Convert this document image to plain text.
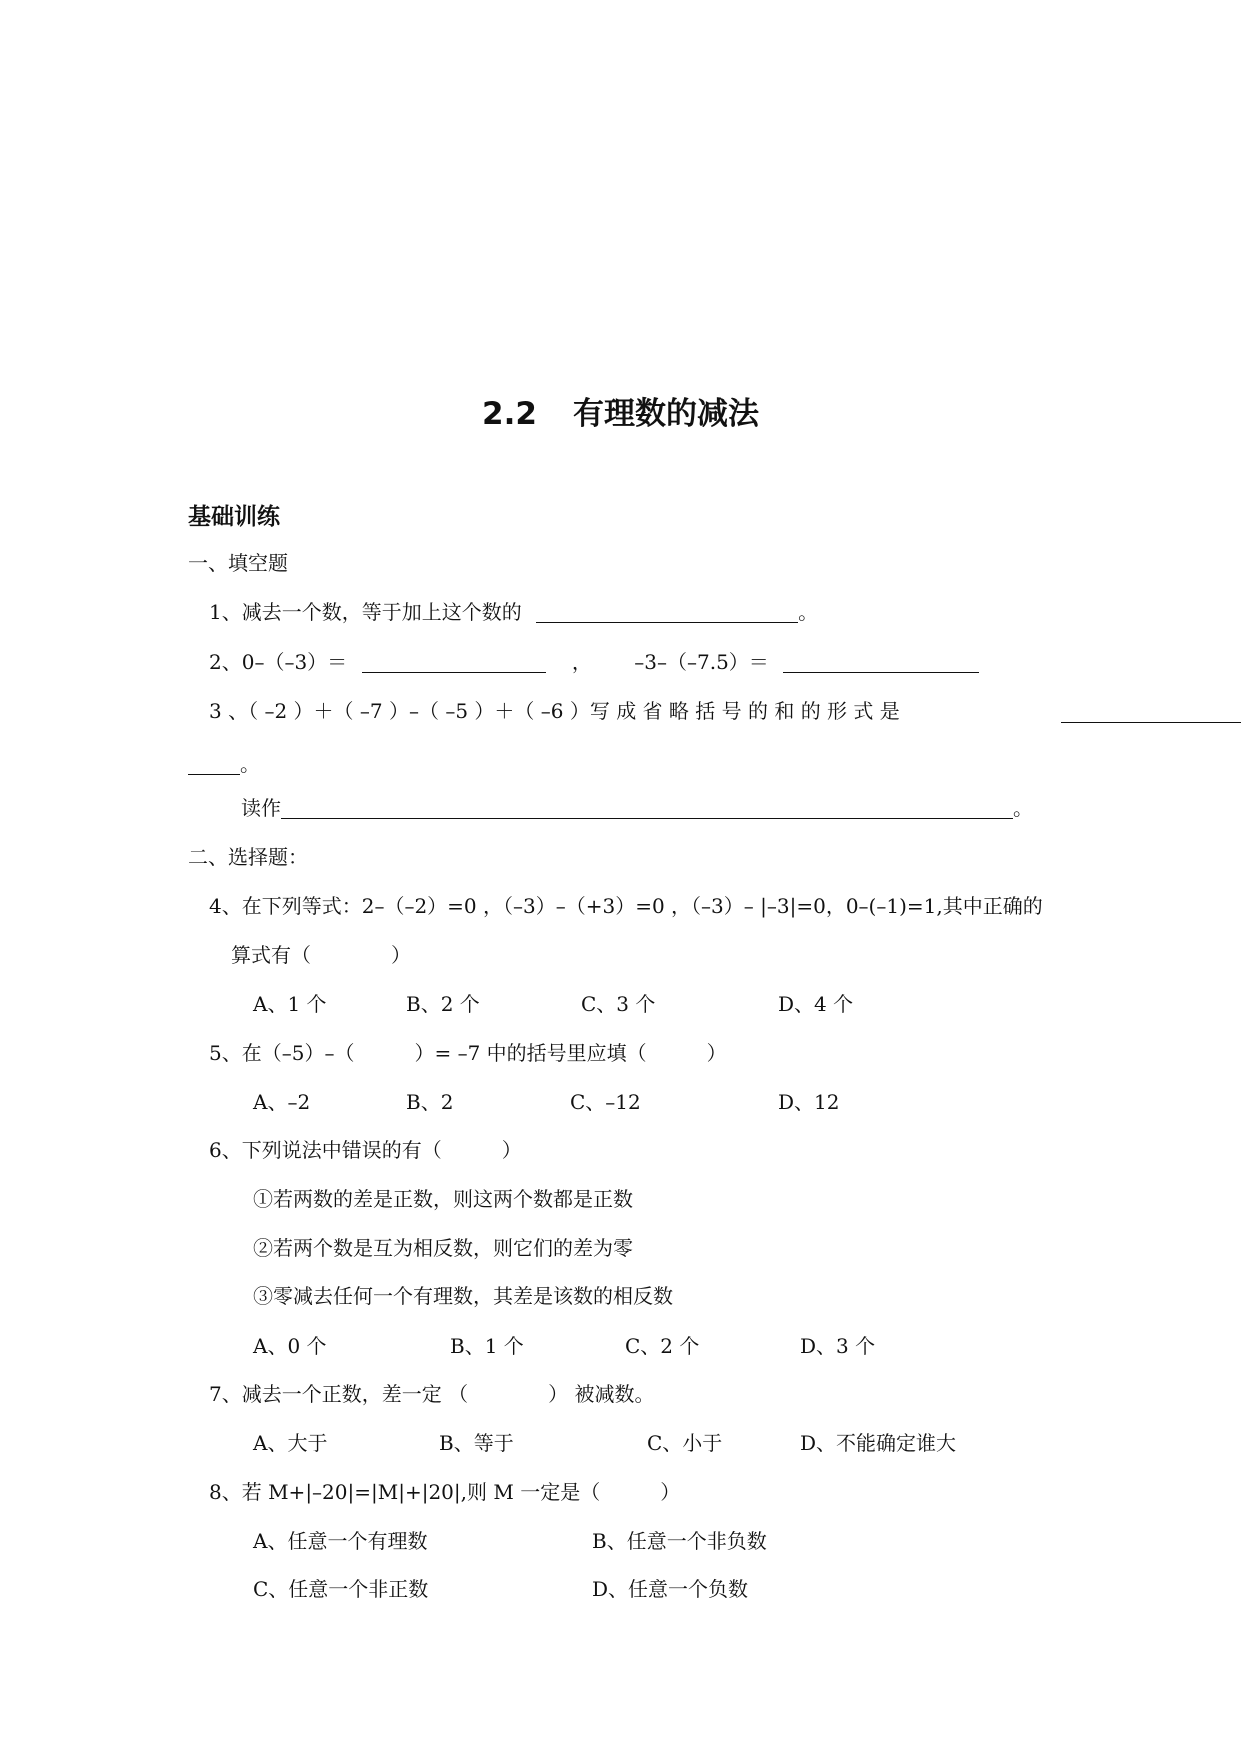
2.2 有理数的减法
基础训练
一、填空题
1、减去一个数，等于加上这个数的	。
2、0–（–3）＝	， –3–（–7.5）＝
3 、（ –2 ）＋（ –7 ）–（ –5 ）＋（ –6 ）写 成 省 略 括 号 的 和 的 形 式 是
。
读作	。
二、选择题：
4、在下列等式：2–（–2）=0 ，（–3）–（+3）=0 ，（–3）– |–3|=0，0–(–1)=1,其中正确的
算式有（　　　　）
A、1 个	B、2 个	C、3 个	D、4 个
5、在（–5）–（　　　）= –7 中的括号里应填（　　　）
A、–2	B、2	C、–12	D、12
6、下列说法中错误的有（　　　）
①若两数的差是正数，则这两个数都是正数
②若两个数是互为相反数，则它们的差为零
③零减去任何一个有理数，其差是该数的相反数
A、0 个	B、1 个	C、2 个	D、3 个
7、减去一个正数，差一定 （　　　　） 被减数。
A、大于	B、等于	C、小于	D、不能确定谁大
8、若 M+|–20|=|M|+|20|,则 M 一定是（　　　）
A、任意一个有理数	B、任意一个非负数
C、任意一个非正数	D、任意一个负数
